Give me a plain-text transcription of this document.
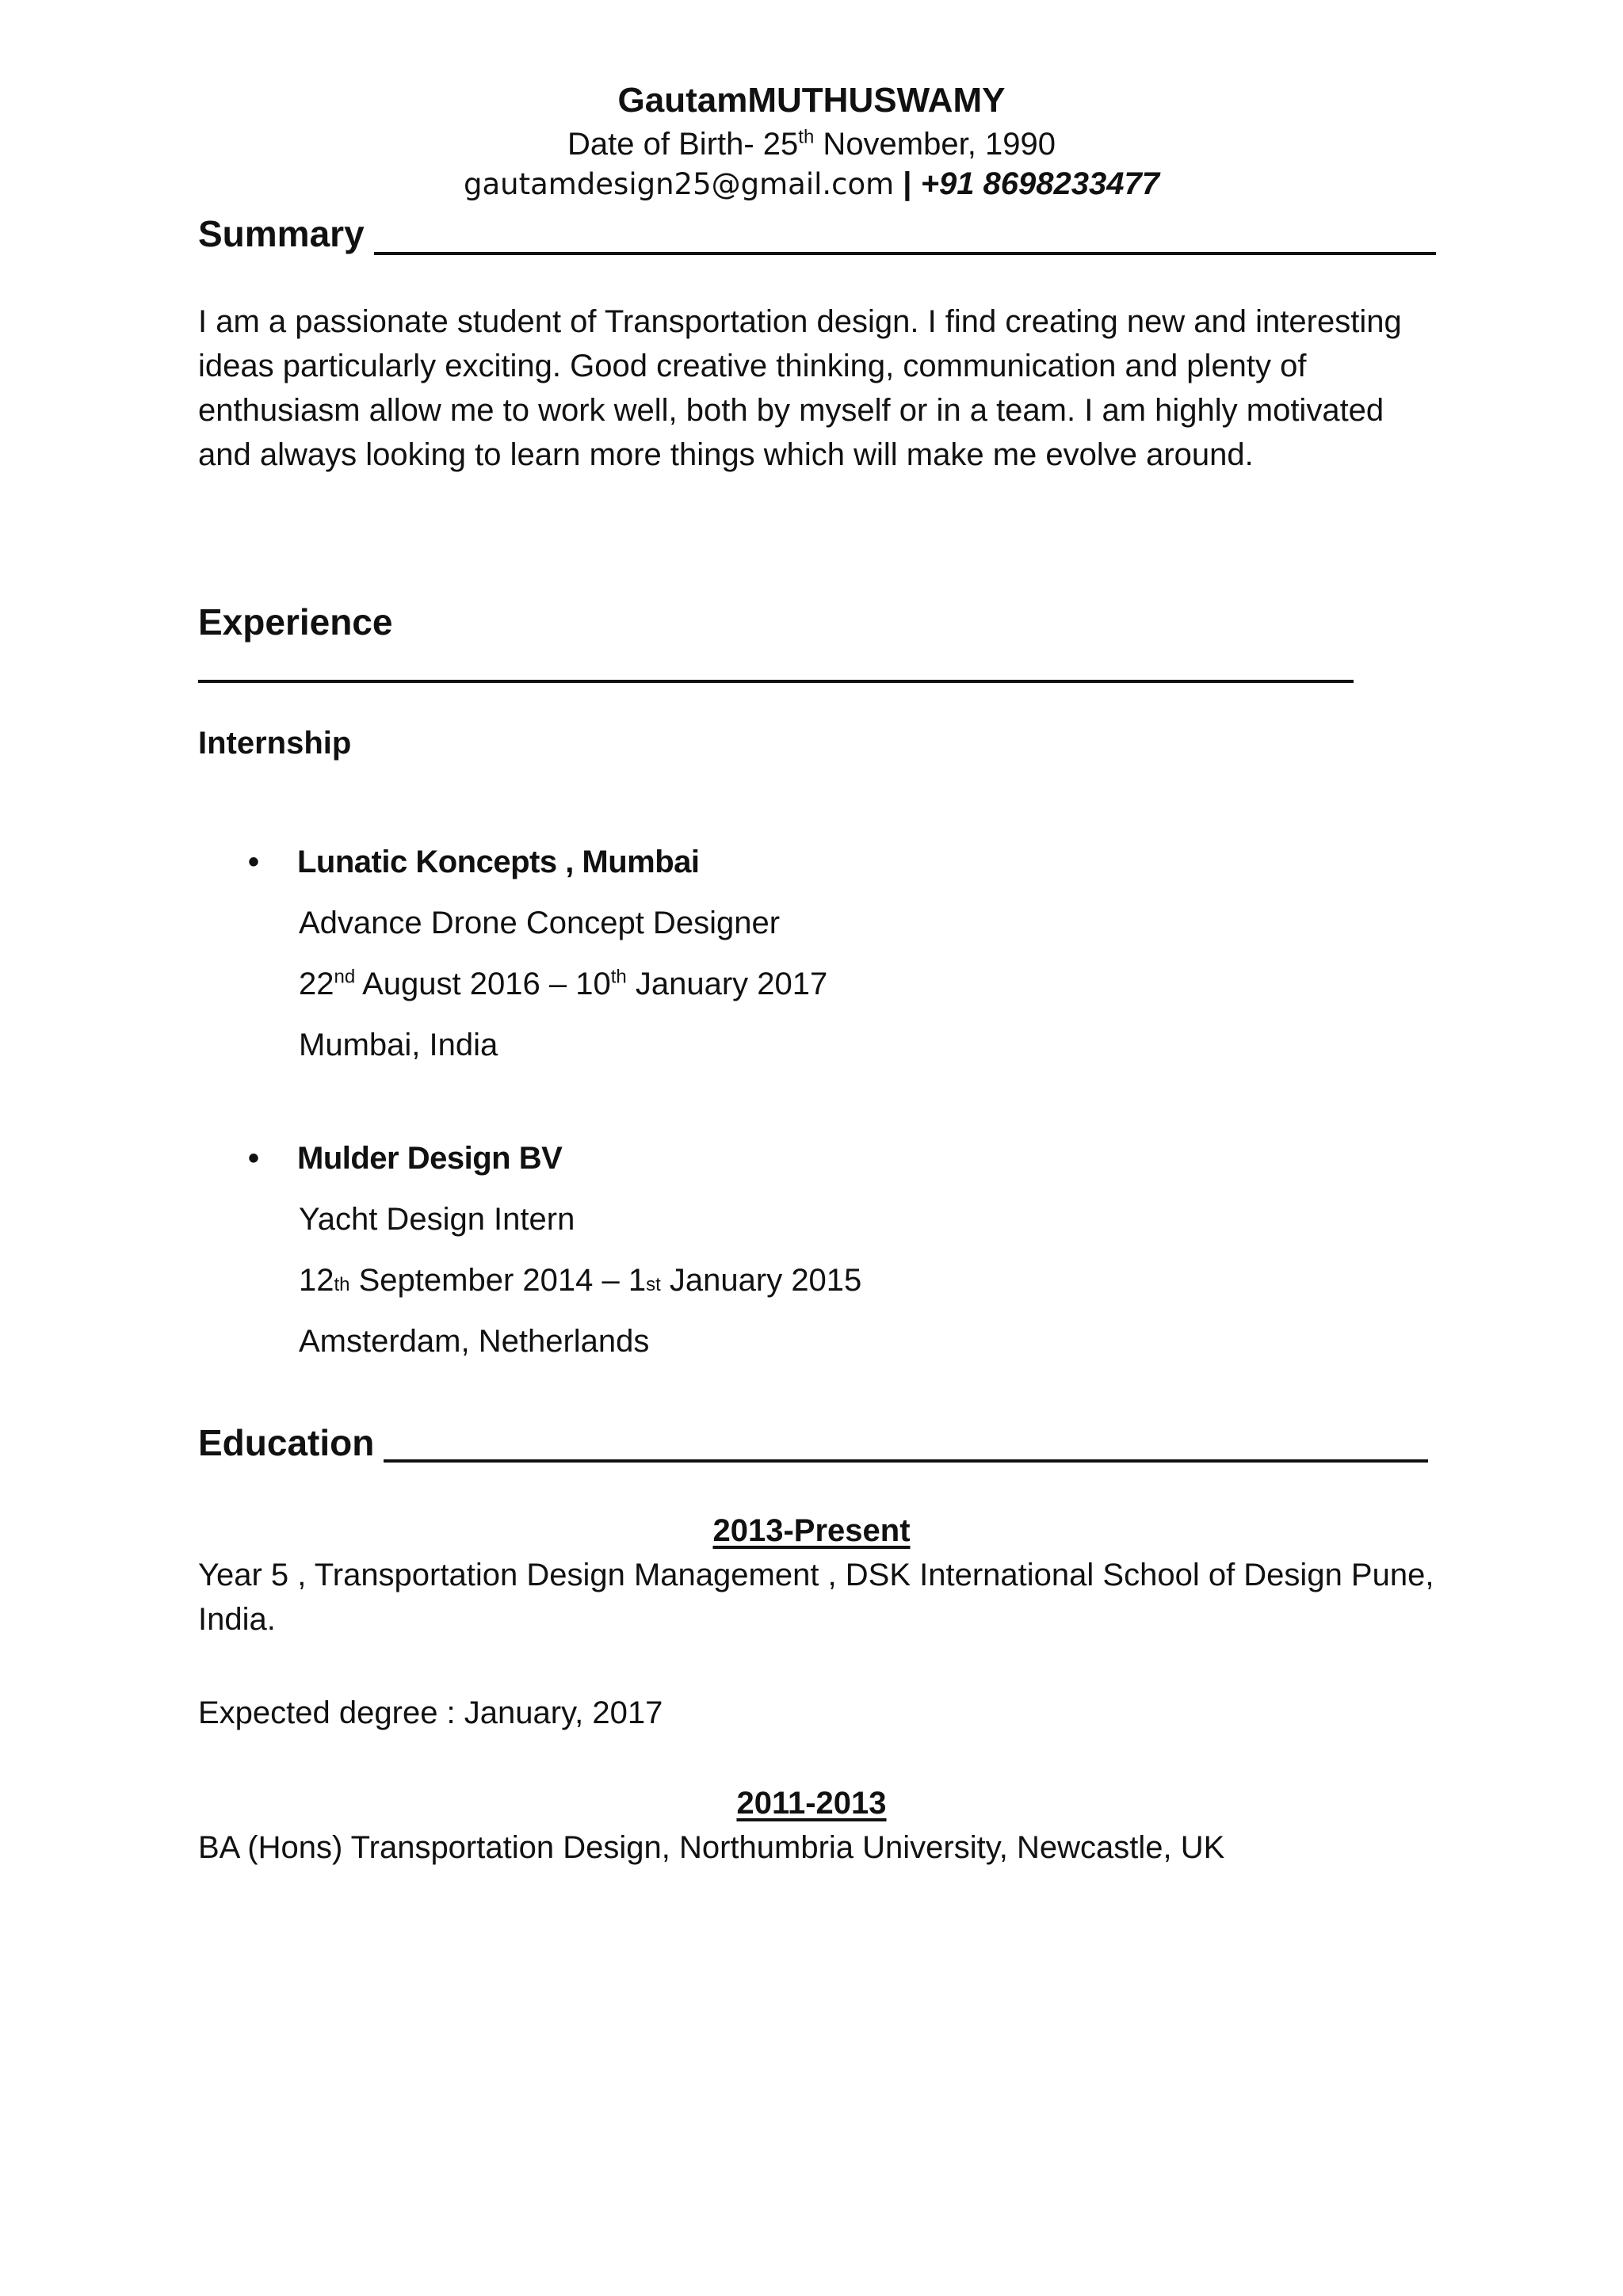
GautamMUTHUSWAMY
Date of Birth- 25th November, 1990
gautamdesign25@gmail.com | +91 8698233477
Summary
I am a passionate student of Transportation design. I find creating new and interesting ideas particularly exciting. Good creative thinking, communication and plenty of enthusiasm allow me to work well, both by myself or in a team. I am highly motivated and always looking to learn more things which will make me evolve around.
Experience
Internship
• Lunatic Koncepts , Mumbai
Advance Drone Concept Designer
22nd August 2016 – 10th January 2017
Mumbai, India
• Mulder Design BV
Yacht Design Intern
12th September 2014 – 1st January 2015
Amsterdam, Netherlands
Education
2013-Present
Year 5 , Transportation Design Management , DSK International School of Design Pune, India.
Expected degree : January, 2017
2011-2013
BA (Hons) Transportation Design, Northumbria University, Newcastle, UK
